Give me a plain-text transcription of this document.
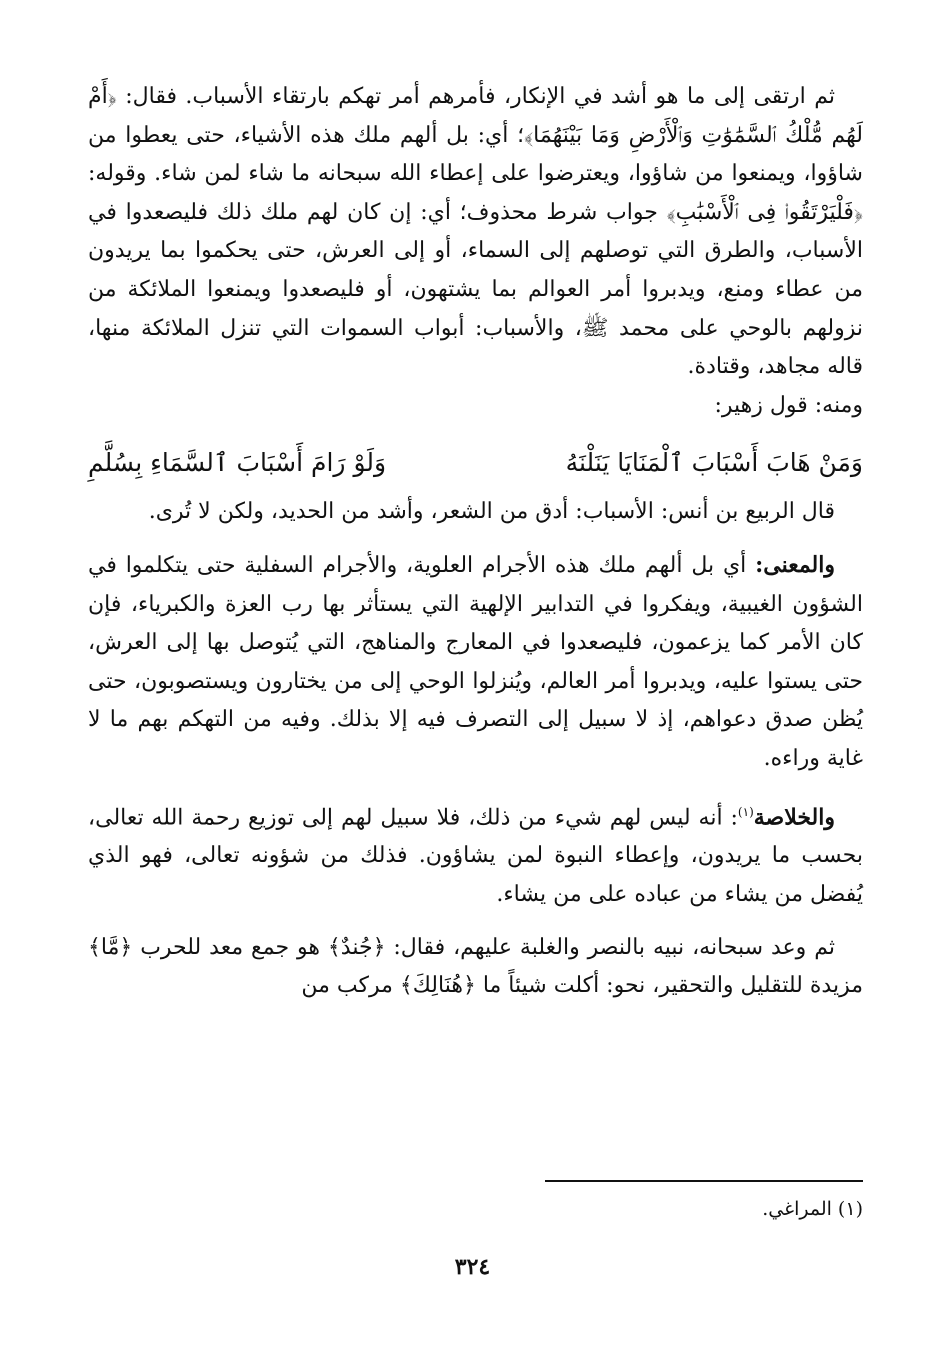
ثم ارتقى إلى ما هو أشد في الإنكار، فأمرهم أمر تهكم بارتقاء الأسباب. فقال: ﴿أَمْ لَهُم مُّلْكُ ٱلسَّمَٰوَٰتِ وَٱلْأَرْضِ وَمَا بَيْنَهُمَا﴾؛ أي: بل ألهم ملك هذه الأشياء، حتى يعطوا من شاؤوا، ويمنعوا من شاؤوا، ويعترضوا على إعطاء الله سبحانه ما شاء لمن شاء. وقوله: ﴿فَلْيَرْتَقُوا۟ فِى ٱلْأَسْبَٰبِ﴾ جواب شرط محذوف؛ أي: إن كان لهم ملك ذلك فليصعدوا في الأسباب، والطرق التي توصلهم إلى السماء، أو إلى العرش، حتى يحكموا بما يريدون من عطاء ومنع، ويدبروا أمر العوالم بما يشتهون، أو فليصعدوا ويمنعوا الملائكة من نزولهم بالوحي على محمد ﷺ، والأسباب: أبواب السموات التي تنزل الملائكة منها، قاله مجاهد، وقتادة.
ومنه: قول زهير:

وَمَنْ هَابَ أَسْبَابَ ٱلْمَنَايَا يَنَلْنَهُ
وَلَوْ رَامَ أَسْبَابَ ٱلسَّمَاءِ بِسُلَّمِ

قال الربيع بن أنس: الأسباب: أدق من الشعر، وأشد من الحديد، ولكن لا تُرى.

والمعنى: أي بل ألهم ملك هذه الأجرام العلوية، والأجرام السفلية حتى يتكلموا في الشؤون الغيبية، ويفكروا في التدابير الإلهية التي يستأثر بها رب العزة والكبرياء، فإن كان الأمر كما يزعمون، فليصعدوا في المعارج والمناهج، التي يُتوصل بها إلى العرش، حتى يستوا عليه، ويدبروا أمر العالم، ويُنزلوا الوحي إلى من يختارون ويستصوبون، حتى يُظن صدق دعواهم، إذ لا سبيل إلى التصرف فيه إلا بذلك. وفيه من التهكم بهم ما لا غاية وراءه.

والخلاصة$^{(١)}$: أنه ليس لهم شيء من ذلك، فلا سبيل لهم إلى توزيع رحمة الله تعالى، بحسب ما يريدون، وإعطاء النبوة لمن يشاؤون. فذلك من شؤونه تعالى، فهو الذي يُفضل من يشاء من عباده على من يشاء.

ثم وعد سبحانه، نبيه بالنصر والغلبة عليهم، فقال: ﴿جُندٌ﴾ هو جمع معد للحرب ﴿مَّا﴾ مزيدة للتقليل والتحقير، نحو: أكلت شيئاً ما ﴿هُنَالِكَ﴾ مركب من

(١) المراغي.
٣٢٤
